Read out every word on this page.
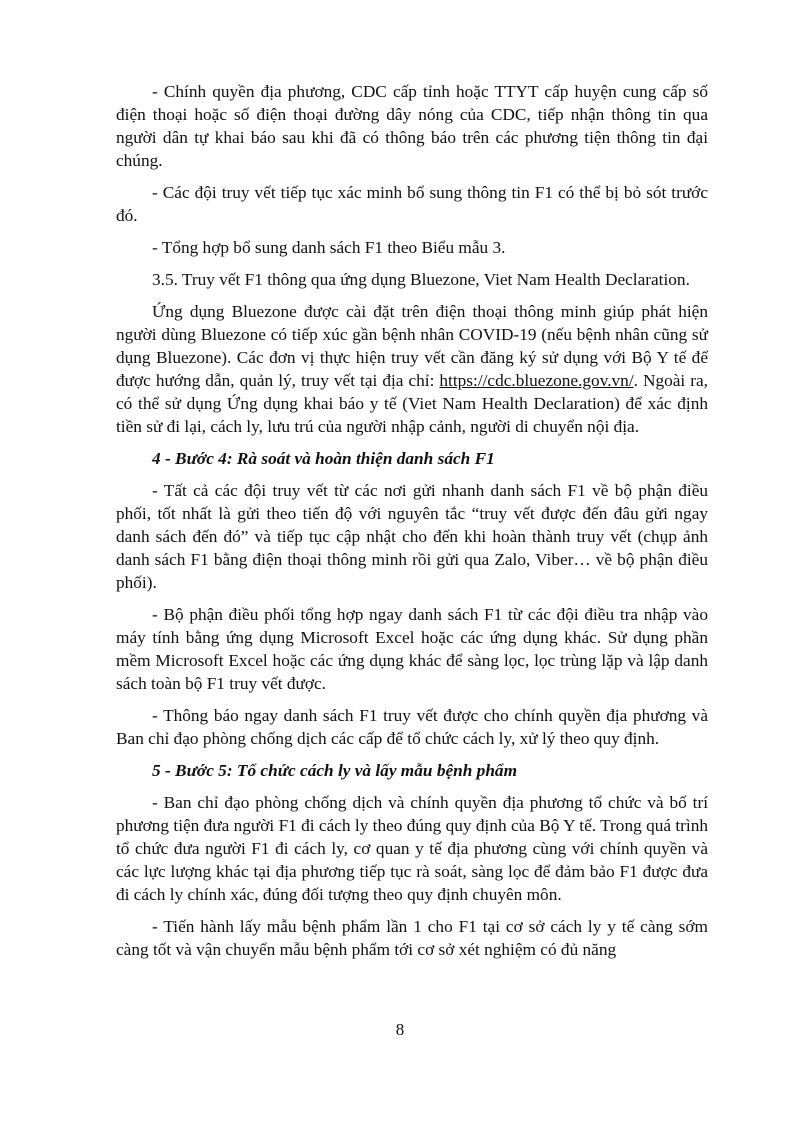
- Chính quyền địa phương, CDC cấp tỉnh hoặc TTYT cấp huyện cung cấp số điện thoại hoặc số điện thoại đường dây nóng của CDC, tiếp nhận thông tin qua người dân tự khai báo sau khi đã có thông báo trên các phương tiện thông tin đại chúng.

- Các đội truy vết tiếp tục xác minh bổ sung thông tin F1 có thể bị bỏ sót trước đó.

- Tổng hợp bổ sung danh sách F1 theo Biểu mẫu 3.

3.5. Truy vết F1 thông qua ứng dụng Bluezone, Viet Nam Health Declaration.

Ứng dụng Bluezone được cài đặt trên điện thoại thông minh giúp phát hiện người dùng Bluezone có tiếp xúc gần bệnh nhân COVID-19 (nếu bệnh nhân cũng sử dụng Bluezone). Các đơn vị thực hiện truy vết cần đăng ký sử dụng với Bộ Y tế để được hướng dẫn, quản lý, truy vết tại địa chỉ: https://cdc.bluezone.gov.vn/. Ngoài ra, có thể sử dụng Ứng dụng khai báo y tế (Viet Nam Health Declaration) để xác định tiền sử đi lại, cách ly, lưu trú của người nhập cảnh, người di chuyển nội địa.

4 - Bước 4: Rà soát và hoàn thiện danh sách F1

- Tất cả các đội truy vết từ các nơi gửi nhanh danh sách F1 về bộ phận điều phối, tốt nhất là gửi theo tiến độ với nguyên tắc “truy vết được đến đâu gửi ngay danh sách đến đó” và tiếp tục cập nhật cho đến khi hoàn thành truy vết (chụp ảnh danh sách F1 bằng điện thoại thông minh rồi gửi qua Zalo, Viber… về bộ phận điều phối).

- Bộ phận điều phối tổng hợp ngay danh sách F1 từ các đội điều tra nhập vào máy tính bằng ứng dụng Microsoft Excel hoặc các ứng dụng khác. Sử dụng phần mềm Microsoft Excel hoặc các ứng dụng khác để sàng lọc, lọc trùng lặp và lập danh sách toàn bộ F1 truy vết được.

- Thông báo ngay danh sách F1 truy vết được cho chính quyền địa phương và Ban chỉ đạo phòng chống dịch các cấp để tổ chức cách ly, xử lý theo quy định.

5 - Bước 5: Tổ chức cách ly và lấy mẫu bệnh phẩm

- Ban chỉ đạo phòng chống dịch và chính quyền địa phương tổ chức và bố trí phương tiện đưa người F1 đi cách ly theo đúng quy định của Bộ Y tế. Trong quá trình tổ chức đưa người F1 đi cách ly, cơ quan y tế địa phương cùng với chính quyền và các lực lượng khác tại địa phương tiếp tục rà soát, sàng lọc để đảm bảo F1 được đưa đi cách ly chính xác, đúng đối tượng theo quy định chuyên môn.

- Tiến hành lấy mẫu bệnh phẩm lần 1 cho F1 tại cơ sở cách ly y tế càng sớm càng tốt và vận chuyển mẫu bệnh phẩm tới cơ sở xét nghiệm có đủ năng

8
